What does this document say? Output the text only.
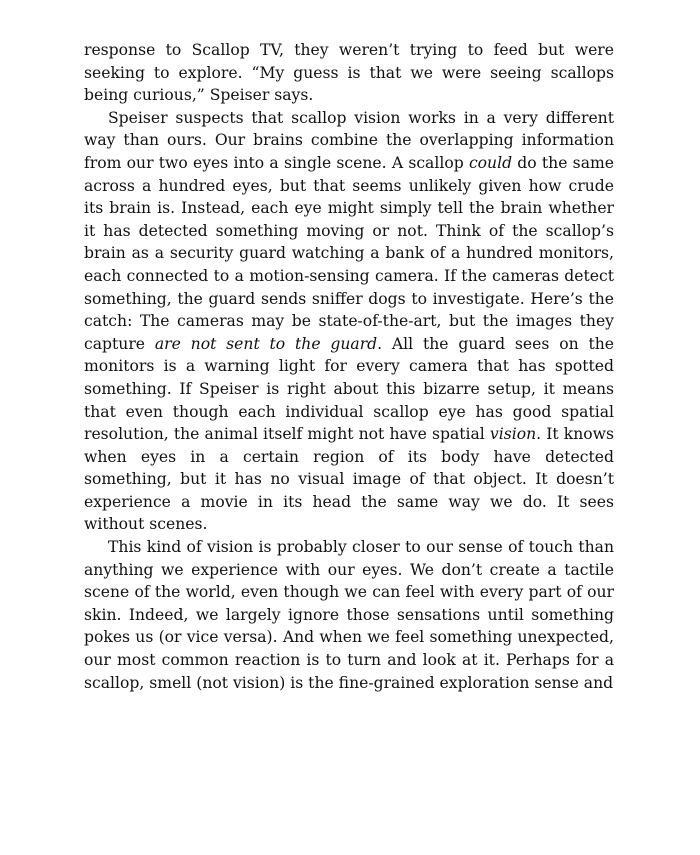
response to Scallop TV, they weren’t trying to feed but were seeking to explore. “My guess is that we were seeing scallops being curious,” Speiser says.

Speiser suspects that scallop vision works in a very different way than ours. Our brains combine the overlapping information from our two eyes into a single scene. A scallop could do the same across a hundred eyes, but that seems unlikely given how crude its brain is. Instead, each eye might simply tell the brain whether it has detected something moving or not. Think of the scallop’s brain as a security guard watching a bank of a hundred monitors, each connected to a motion-sensing camera. If the cameras detect something, the guard sends sniffer dogs to investigate. Here’s the catch: The cameras may be state-of-the-art, but the images they capture are not sent to the guard. All the guard sees on the monitors is a warning light for every camera that has spotted something. If Speiser is right about this bizarre setup, it means that even though each individual scallop eye has good spatial resolution, the animal itself might not have spatial vision. It knows when eyes in a certain region of its body have detected something, but it has no visual image of that object. It doesn’t experience a movie in its head the same way we do. It sees without scenes.

This kind of vision is probably closer to our sense of touch than anything we experience with our eyes. We don’t create a tactile scene of the world, even though we can feel with every part of our skin. Indeed, we largely ignore those sensations until something pokes us (or vice versa). And when we feel something unexpected, our most common reaction is to turn and look at it. Perhaps for a scallop, smell (not vision) is the fine-grained exploration sense and
